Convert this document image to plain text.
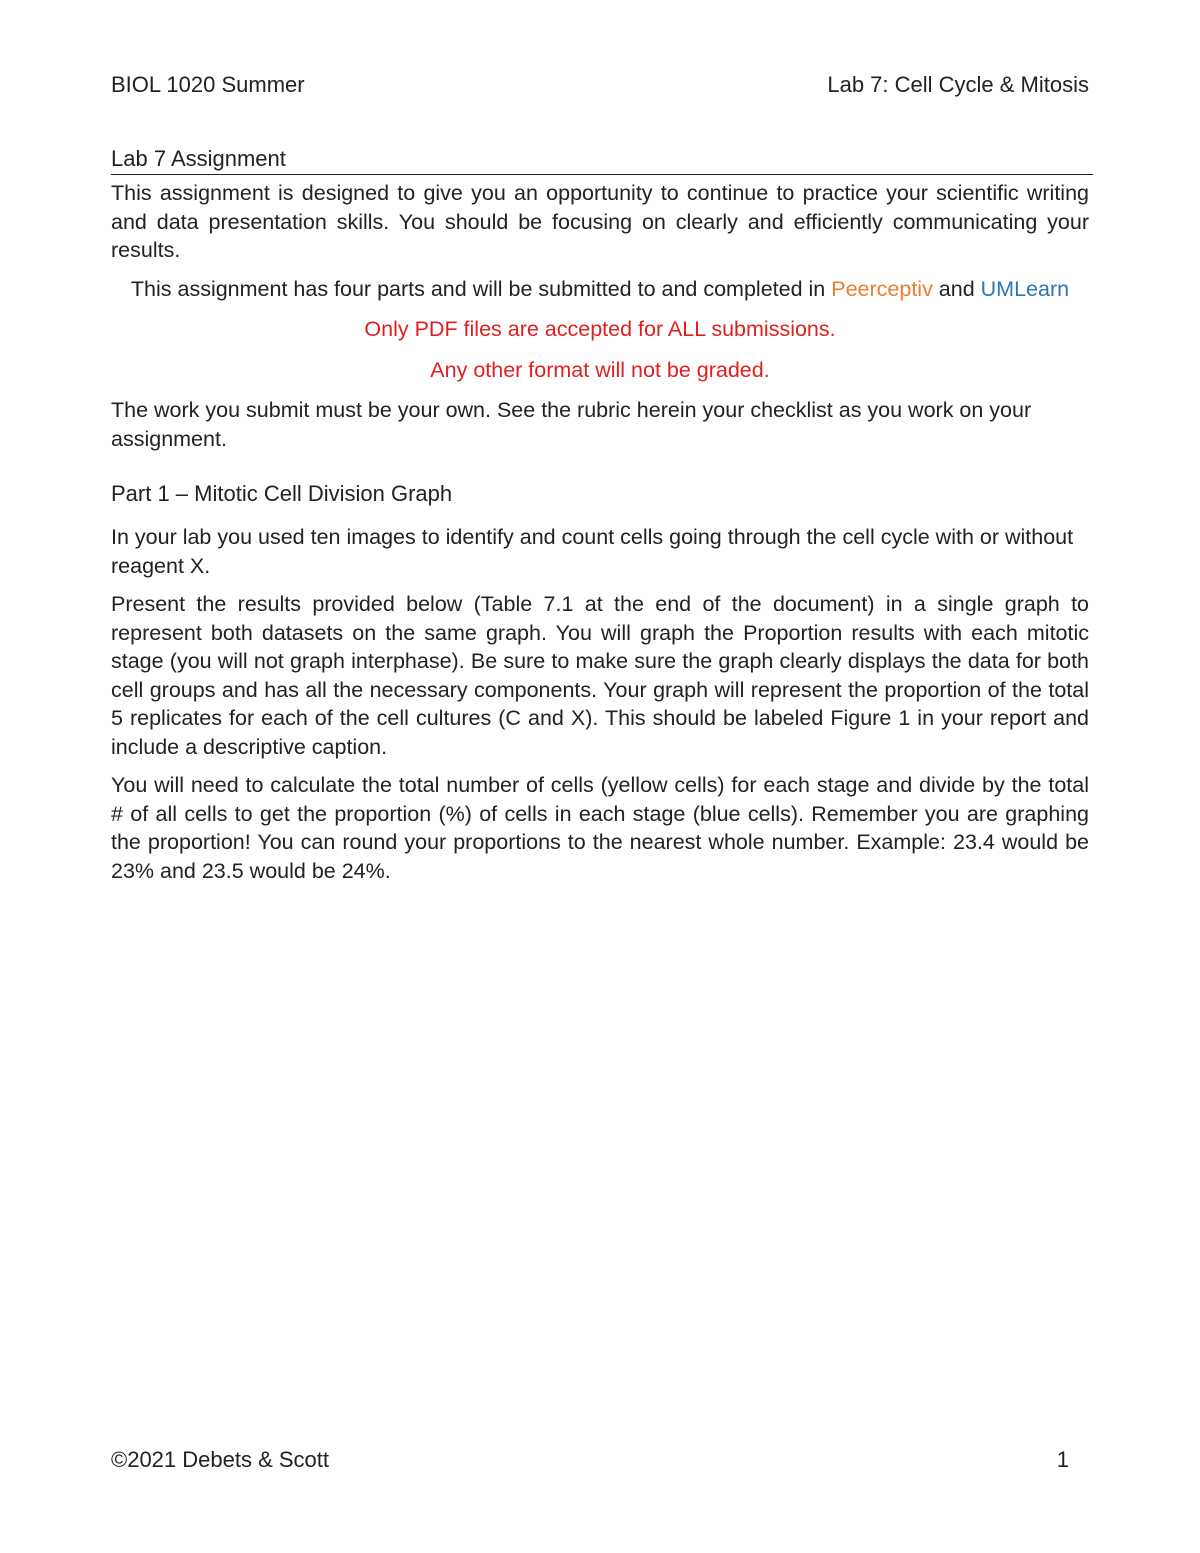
BIOL 1020 Summer	Lab 7: Cell Cycle & Mitosis
Lab 7 Assignment

This assignment is designed to give you an opportunity to continue to practice your scientific writing and data presentation skills. You should be focusing on clearly and efficiently communicating your results.

This assignment has four parts and will be submitted to and completed in Peerceptiv and UMLearn

Only PDF files are accepted for ALL submissions.

Any other format will not be graded.

The work you submit must be your own. See the rubric herein your checklist as you work on your assignment.

Part 1 – Mitotic Cell Division Graph

In your lab you used ten images to identify and count cells going through the cell cycle with or without reagent X.

Present the results provided below (Table 7.1 at the end of the document) in a single graph to represent both datasets on the same graph. You will graph the Proportion results with each mitotic stage (you will not graph interphase). Be sure to make sure the graph clearly displays the data for both cell groups and has all the necessary components. Your graph will represent the proportion of the total 5 replicates for each of the cell cultures (C and X). This should be labeled Figure 1 in your report and include a descriptive caption.

You will need to calculate the total number of cells (yellow cells) for each stage and divide by the total # of all cells to get the proportion (%) of cells in each stage (blue cells). Remember you are graphing the proportion! You can round your proportions to the nearest whole number. Example: 23.4 would be 23% and 23.5 would be 24%.

©2021 Debets & Scott	1
